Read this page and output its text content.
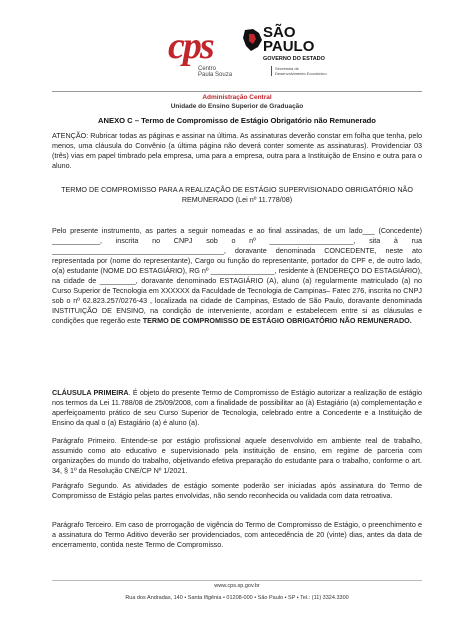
cps
Centro
Paula Souza
SÃO
PAULO
GOVERNO DO ESTADO
Secretaria de
Desenvolvimento Econômico
Administração Central
Unidade do Ensino Superior de Graduação
ANEXO C – Termo de Compromisso de Estágio Obrigatório não Remunerado

ATENÇÃO: Rubricar todas as páginas e assinar na última. As assinaturas deverão constar em folha que tenha, pelo menos, uma cláusula do Convênio (a última página não deverá conter somente as assinaturas). Providenciar 03 (três) vias em papel timbrado pela empresa, uma para a empresa, outra para a Instituição de Ensino e outra para o aluno.

TERMO DE COMPROMISSO PARA A REALIZAÇÃO DE ESTÁGIO SUPERVISIONADO OBRIGATÓRIO NÃO REMUNERADO (Lei nº 11.778/08)

Pelo presente instrumento, as partes a seguir nomeadas e ao final assinadas, de um lado___ (Concedente) ____________, inscrita no CNPJ sob o nº _____________________, sita à rua ___________________________________________, doravante denominada CONCEDENTE, neste ato representada por (nome do representante), Cargo ou função do representante, portador do CPF e, de outro lado, o(a) estudante (NOME DO ESTAGIÁRIO), RG nº ________________, residente à (ENDEREÇO DO ESTAGIÁRIO), na cidade de _________, doravante denominado ESTAGIÁRIO (A), aluno (a) regularmente matriculado (a) no Curso Superior de Tecnologia em XXXXXX da Faculdade de Tecnologia de Campinas– Fatec 276, inscrita no CNPJ sob o nº 62.823.257/0276-43 , localizada na cidade de Campinas, Estado de São Paulo, doravante denominada INSTITUIÇÃO DE ENSINO, na condição de interveniente, acordam e estabelecem entre si as cláusulas e condições que regerão este TERMO DE COMPROMISSO DE ESTÁGIO OBRIGATÓRIO NÃO REMUNERADO.

CLÁUSULA PRIMEIRA. É objeto do presente Termo de Compromisso de Estágio autorizar a realização de estágio nos termos da Lei 11.788/08 de 25/09/2008, com a finalidade de possibilitar ao (à) Estagiário (a) complementação e aperfeiçoamento prático de seu Curso Superior de Tecnologia, celebrado entre a Concedente e a Instituição de Ensino da qual o (a) Estagiário (a) é aluno (a).

Parágrafo Primeiro. Entende-se por estágio profissional aquele desenvolvido em ambiente real de trabalho, assumido como ato educativo e supervisionado pela instituição de ensino, em regime de parceria com organizações do mundo do trabalho, objetivando efetiva preparação do estudante para o trabalho, conforme o art. 34, § 1º da Resolução CNE/CP Nº 1/2021.

Parágrafo Segundo. As atividades de estágio somente poderão ser iniciadas após assinatura do Termo de Compromisso de Estágio pelas partes envolvidas, não sendo reconhecida ou validada com data retroativa.

Parágrafo Terceiro. Em caso de prorrogação de vigência do Termo de Compromisso de Estágio, o preenchimento e a assinatura do Termo Aditivo deverão ser providenciados, com antecedência de 20 (vinte) dias, antes da data de encerramento, contida neste Termo de Compromisso.

www.cps.sp.gov.br
Rua dos Andradas, 140 • Santa Ifigênia • 01208-000 • São Paulo • SP • Tel.: (11) 3324.3300
